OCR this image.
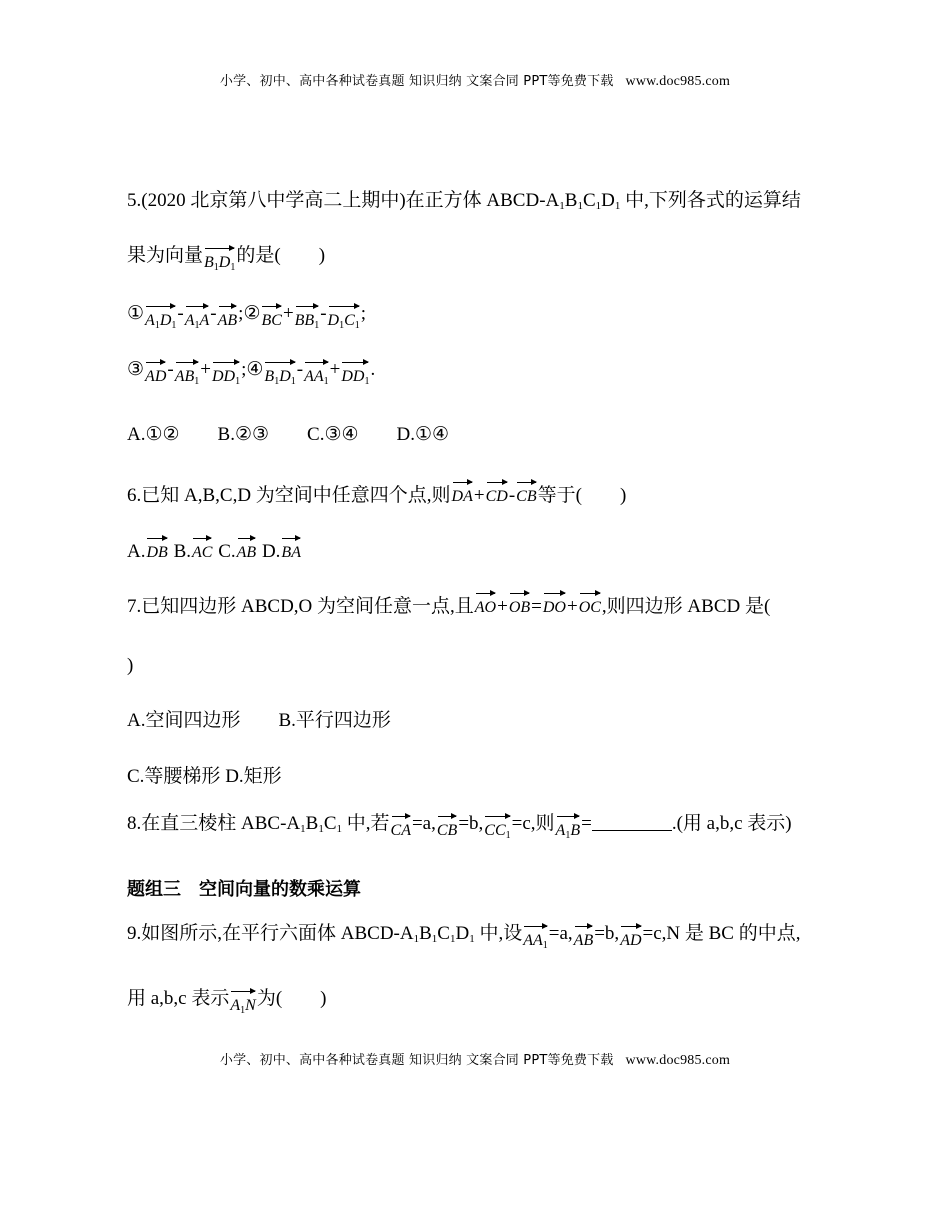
小学、初中、高中各种试卷真题 知识归纳 文案合同 PPT等免费下载 www.doc985.com
5.(2020 北京第八中学高二上期中)在正方体 ABCD-$A_1B_1C_1D_1$ 中,下列各式的运算结
果为向量$B_1D_1$的是( )
$①A_1D_1-A_1A-AB;②BC+BB_1-D_1C_1$;
③AD-$AB_1+DD_1;④B_1D_1-AA_1+DD_1$.
A.①② B.②③ C.③④ D.①④
6.已知 A,B,C,D 为空间中任意四个点,则DA+CD-CB等于( )
A.DB B.AC C.AB D.BA
7.已知四边形 ABCD,O 为空间任意一点,且AO+OB=DO+OC,则四边形 ABCD 是(
)
A.空间四边形 B.平行四边形
C.等腰梯形 D.矩形
8.在直三棱柱 ABC-$A_1B_1C_1$ 中,若$CA=a,CB=b,CC_1=c$,则$A_1B=$	.(用 a,b,c 表示)
题组三　空间向量的数乘运算
9.如图所示,在平行六面体 ABCD-$A_1B_1C_1D_1$ 中,设$AA_1=a,AB=b,AD=c,N$ 是 BC 的中点,
用 a,b,c 表示$A_1N$为( )
小学、初中、高中各种试卷真题 知识归纳 文案合同 PPT等免费下载 www.doc985.com
